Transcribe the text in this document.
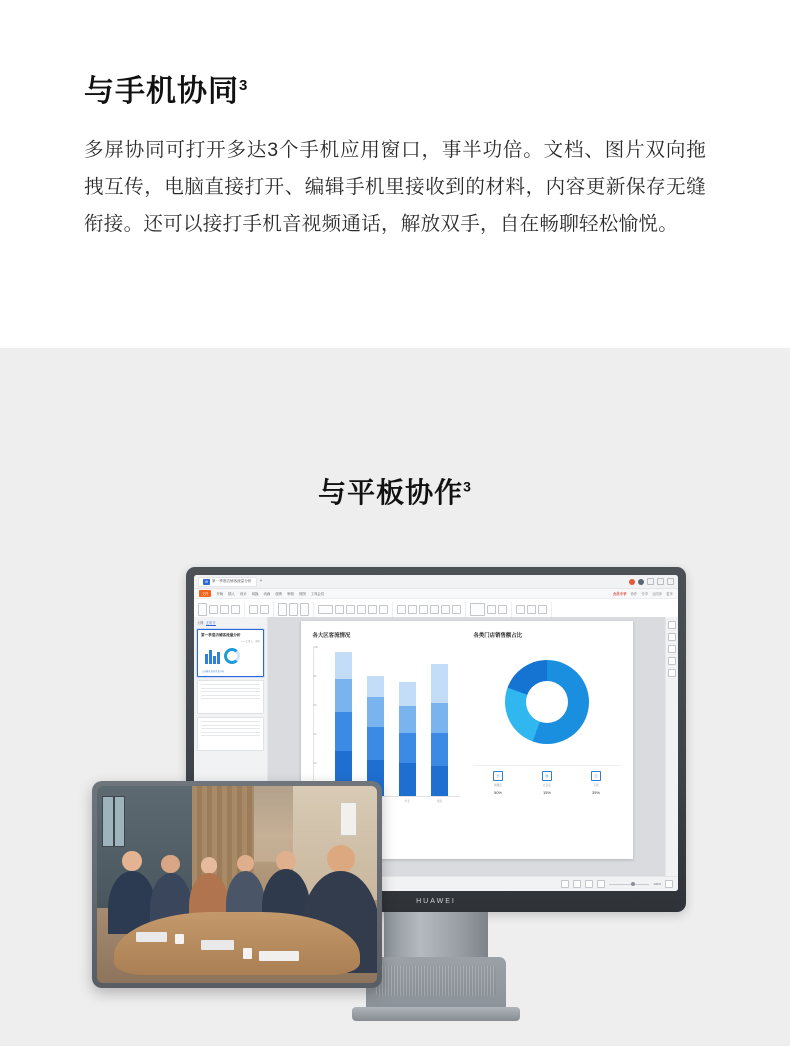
与手机协同$^3$

多屏协同可打开多达3个手机应用窗口，事半功倍。文档、图片双向拖拽互传，电脑直接打开、编辑手机里接收到的材料，内容更新保存无缝衔接。还可以接打手机音视频通话，解放双手，自在畅聊轻松愉悦。

与平板协作$^3$
W	第一季度店铺客流量分析 +
文件	开始 插入 设计 切换 动画 放映 审阅 视图 工具会员	会员专享 协作 分享 云同步 更多
大纲 幻灯片
第一季度店铺客流量分析
——汇报人：张明
点击输入你的正文内容
各大区客流情况
100
80
60
40
20
华北	西南
各类门店销售额占比
▤
旗舰店
50%
▦
社区店
15%
▥
专柜
35%
100%
HUAWEI
